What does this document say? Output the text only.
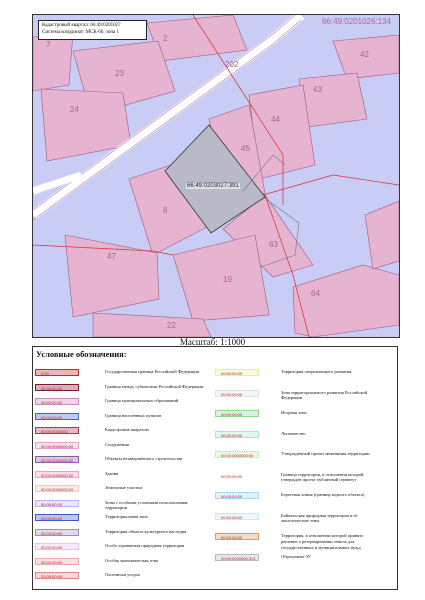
Кадастровый квартал: 66:49:0201027
Система координат: МСК-66, зона 1
66:49:0201026:134
66:49:0203027:391
2
7
23
202
42
43
24
44
45
8
47
63
19
64
22
Масштаб: 1:1000
Условные обозначения:
0:00	Государственная граница Российской Федерации
00:00:00:00	Граница между субъектами Российской Федерации
00:00:00:00	Граница муниципальных образований
00:00:00:00	Граница населённых пунктов
00:00:0000000	Кадастровые кварталы
00:00:0000000:00	Сооружения
00:00:0000000:00	Объекты незавершённого строительства
00:00:0000000:00	Здания
00:00:0000000:00	Земельные участки
00:00:00:00	Зоны с особыми условиями использования территории
00:00:00:00	Территориальная зона
00:00:00:00	Территория объекта культурного наследия
00:00:00:00	Особо охраняемая природная территория
00:00:00:00	Особая экономическая зона
00:00:00:00	Охотничьи угодья
00:00:00:00	Территория опережающего развития
00:00:00:00	Зона территориального развития Российской Федерации
00:00:00:00	Игорная зона
00:00:00:00	Лесничество
00:00:0000000:00	Утверждённый проект межевания территории
00:00:00:00	Граница территории, в отношении которой утверждён проект публичный сервитут
00:00:00:00	Береговая линия (граница водного объекта)
00:00:00:00	Байкальская природная территория и её экологические зоны
00:00:00:00	Территория, в отношении которой принято решение о резервировании земель для государственных и муниципальных нужд
00:00:0000000:3У1	Образуемые ЗУ
